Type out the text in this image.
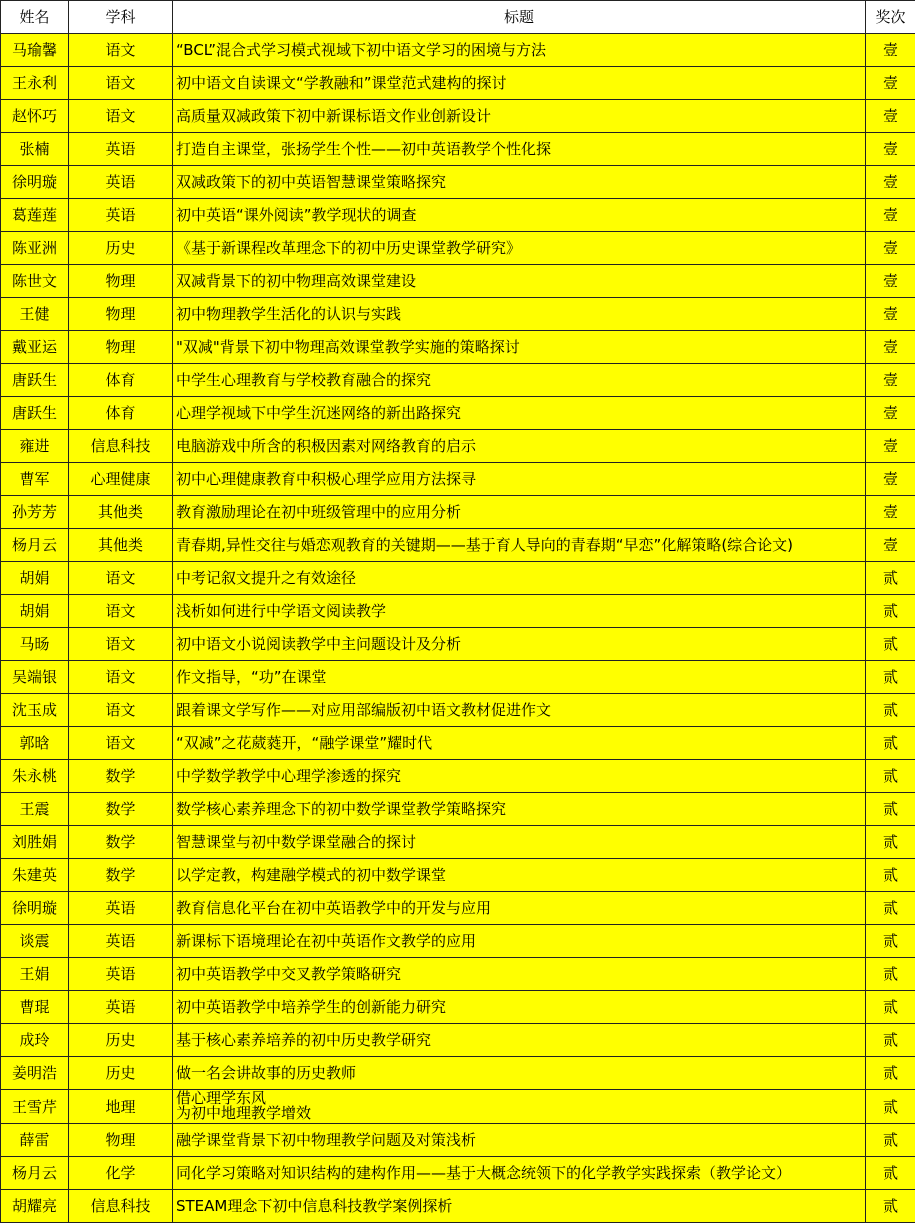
姓名	学科	标题	奖次
马瑜馨	语文	“BCL”混合式学习模式视域下初中语文学习的困境与方法	壹
王永利	语文	初中语文自读课文“学教融和”课堂范式建构的探讨	壹
赵怀巧	语文	高质量双减政策下初中新课标语文作业创新设计	壹
张楠	英语	打造自主课堂，张扬学生个性——初中英语教学个性化探	壹
徐明璇	英语	双减政策下的初中英语智慧课堂策略探究	壹
葛莲莲	英语	初中英语“课外阅读”教学现状的调查	壹
陈亚洲	历史	《基于新课程改革理念下的初中历史课堂教学研究》	壹
陈世文	物理	双减背景下的初中物理高效课堂建设	壹
王健	物理	初中物理教学生活化的认识与实践	壹
戴亚运	物理	"双减"背景下初中物理高效课堂教学实施的策略探讨	壹
唐跃生	体育	中学生心理教育与学校教育融合的探究	壹
唐跃生	体育	心理学视域下中学生沉迷网络的新出路探究	壹
雍进	信息科技	电脑游戏中所含的积极因素对网络教育的启示	壹
曹军	心理健康	初中心理健康教育中积极心理学应用方法探寻	壹
孙芳芳	其他类	教育激励理论在初中班级管理中的应用分析	壹
杨月云	其他类	青春期,异性交往与婚恋观教育的关键期——基于育人导向的青春期“早恋”化解策略(综合论文)	壹
胡娟	语文	中考记叙文提升之有效途径	贰
胡娟	语文	浅析如何进行中学语文阅读教学	贰
马旸	语文	初中语文小说阅读教学中主问题设计及分析	贰
吴端银	语文	作文指导，“功”在课堂	贰
沈玉成	语文	跟着课文学写作——对应用部编版初中语文教材促进作文	贰
郭晗	语文	“双减”之花葳蕤开，“融学课堂”耀时代	贰
朱永桃	数学	中学数学教学中心理学渗透的探究	贰
王震	数学	数学核心素养理念下的初中数学课堂教学策略探究	贰
刘胜娟	数学	智慧课堂与初中数学课堂融合的探讨	贰
朱建英	数学	以学定教，构建融学模式的初中数学课堂	贰
徐明璇	英语	教育信息化平台在初中英语教学中的开发与应用	贰
谈震	英语	新课标下语境理论在初中英语作文教学的应用	贰
王娟	英语	初中英语教学中交叉教学策略研究	贰
曹琨	英语	初中英语教学中培养学生的创新能力研究	贰
成玲	历史	基于核心素养培养的初中历史教学研究	贰
姜明浩	历史	做一名会讲故事的历史教师	贰
王雪芹	地理	借心理学东风
为初中地理教学增效	贰
薛雷	物理	融学课堂背景下初中物理教学问题及对策浅析	贰
杨月云	化学	同化学习策略对知识结构的建构作用——基于大概念统领下的化学教学实践探索（教学论文）	贰
胡耀亮	信息科技	STEAM理念下初中信息科技教学案例探析	贰
